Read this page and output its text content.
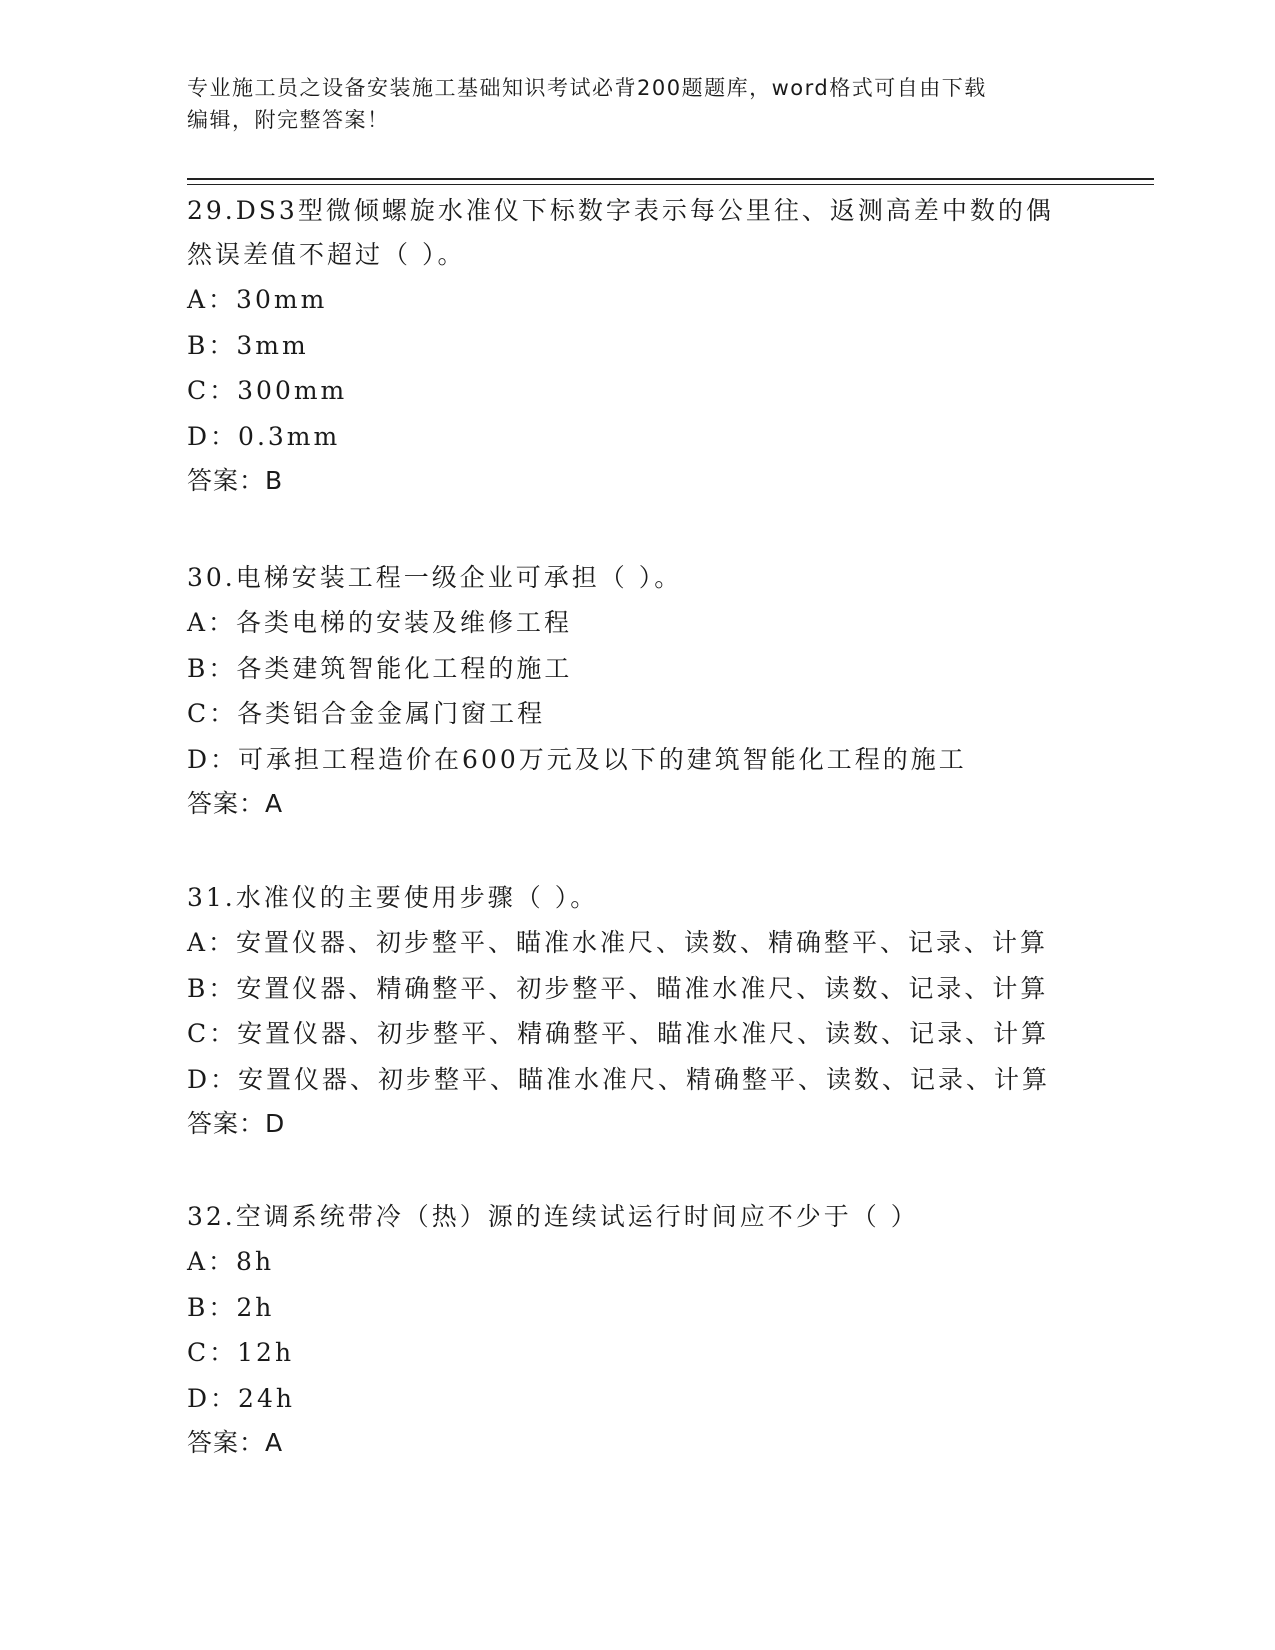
专业施工员之设备安装施工基础知识考试必背200题题库，word格式可自由下载
编辑，附完整答案！
29.DS3型微倾螺旋水准仪下标数字表示每公里往、返测高差中数的偶
然误差值不超过（ ）。
A：30mm
B：3mm
C：300mm
D：0.3mm
答案：B
30.电梯安装工程一级企业可承担（ ）。
A：各类电梯的安装及维修工程
B：各类建筑智能化工程的施工
C：各类铝合金金属门窗工程
D：可承担工程造价在600万元及以下的建筑智能化工程的施工
答案：A
31.水准仪的主要使用步骤（ ）。
A：安置仪器、初步整平、瞄准水准尺、读数、精确整平、记录、计算
B：安置仪器、精确整平、初步整平、瞄准水准尺、读数、记录、计算
C：安置仪器、初步整平、精确整平、瞄准水准尺、读数、记录、计算
D：安置仪器、初步整平、瞄准水准尺、精确整平、读数、记录、计算
答案：D
32.空调系统带冷（热）源的连续试运行时间应不少于（ ）
A：8h
B：2h
C：12h
D：24h
答案：A
